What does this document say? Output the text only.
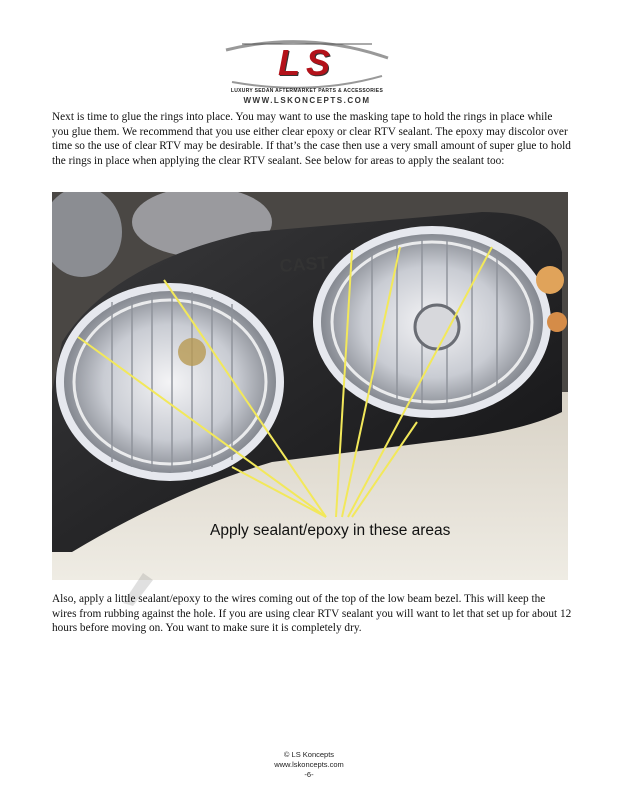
LS
LUXURY SEDAN AFTERMARKET PARTS & ACCESSORIES
WWW.LSKONCEPTS.COM

Next is time to glue the rings into place. You may want to use the masking tape to hold the rings in place while you glue them. We recommend that you use either clear epoxy or clear RTV sealant. The epoxy may discolor over time so the use of clear RTV may be desirable. If that’s the case then use a very small amount of super glue to hold the rings in place when applying the clear RTV sealant. See below for areas to apply the sealant too:

CAST
Apply sealant/epoxy in these areas

Also, apply a little sealant/epoxy to the wires coming out of the top of the low beam bezel. This will keep the wires from rubbing against the hole. If you are using clear RTV sealant you will want to let that set up for about 12 hours before moving on. You want to make sure it is completely dry.

© LS Koncepts
www.lskoncepts.com
-6-
